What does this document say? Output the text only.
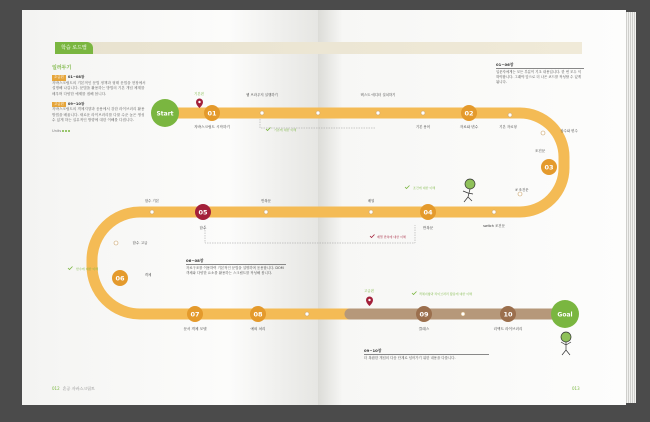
학습 로드맵
일러두기
초급편 01~08장
자바스크립트의 기본적인 문법 정책과 형태 문법을 현장에서 설명해 나갑니다. 문법을 활용하는 방법의 기본 개념 체계를 배우며 다양한 예제를 접해 봅니다.
고급편 09~10장
자바스크립트의 객체지향과 응용에서 강한 라이브러리 활용 방법을 배웁니다. 새로운 라이브러리를 다룰 수준 높은 생성 수 있게 하는 실무적인 방향에 대한 이해를 다집니다.
Units
Start
Goal
기본편
고급편
01
자바스크립트 시작하기
02
자료와 변수
03
조건문
04
반복문
05
함수
06
함수 고급
07
문서 객체 모델
08
예외 처리
09
클래스
10
리액트 라이브러리
웹 브라우저 실행하기	텍스트 에디터 설치하기
기본 용어	기본 자료형
상수와 변수
if 조건문
switch 조건문
배열
반복문
함수 기본
객체
기본에 대한 이해
조건에 대한 이해
배열 반복에 대한 이해
함수에 대한 이해
객체지향과 라이브러리 활용에 대한 이해
01~06장
입문자에게는 모든 부분이 기초 내용입니다. 한 번 모두 익혀야합니다. 그래야 앞으로 더 나은 코드를 작성할 수 있게 됩니다.
06~08장
자료구조를 이용하여 기본적인 문법을 설명하며 응용합니다. DOM 객체와 다양한 요소를 활용하는 스크립트를 작성해 봅니다.
09~10장
더 복잡한 개념의 다음 단계로 넘어가기 위한 내용을 다룹니다.
012 혼공 자바스크립트	013
